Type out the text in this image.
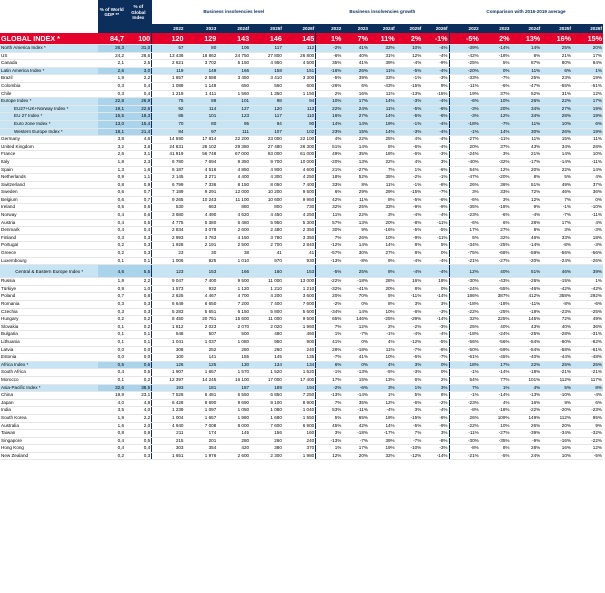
	% of World GDP **	% of Global Index	Business insolvencies level					Business insolvencies growth					Comparison with 2016-2019 average				
			2022	2023	2024f	2025f	2026f	2022	2023	2024f	2025f	2026f	2022	2023	2024f	2025f	2026f
GLOBAL INDEX *	84,7	100	120	129	143	146	145	1%	7%	11%	2%	-1%	-5%	2%	13%	16%	15%
North America Index *	26,3	31,0	57	80	106	117	112	-2%	41%	32%	10%	-4%	-39%	-14%	14%	25%	20%
US	24,2	28,6	13 436	18 862	24 750	27 800	26 800	-6%	40%	31%	12%	-4%	-42%	-18%	8%	21%	17%
Canada	2,1	2,5	2 621	3 702	5 150	4 950	4 500	35%	41%	39%	-4%	-9%	-25%	5%	87%	80%	64%
Latin America Index *	2,6	3,0	119	149	166	158	151	-16%	26%	11%	-5%	-4%	-20%	0%	11%	6%	1%
Brazil	1,9	2,2	1 857	2 588	3 450	3 410	3 300	-5%	39%	33%	-1%	-3%	-33%	-7%	25%	23%	19%
Colombia	0,3	0,4	1 088	1 148	650	550	600	-26%	6%	-43%	-15%	9%	-11%	-6%	-47%	-55%	-51%
Chile	0,3	0,4	1 219	1 411	1 560	1 350	1 150	2%	16%	11%	-13%	-15%	19%	37%	52%	31%	12%
Europe Index *	22,8	26,9	75	88	101	98	94	10%	17%	14%	-3%	-4%	-6%	10%	26%	22%	17%
EU27+UK+Norway Index *	19,1	22,6	92	114	127	120	113	22%	24%	11%	-5%	-6%	-3%	20%	34%	27%	19%
EU 27 Index *	15,5	18,3	85	101	123	117	110	16%	27%	14%	-5%	-6%	-3%	12%	34%	28%	19%
Euro zone Index *	13,0	15,4	70	80	95	94	90	14%	14%	19%	-1%	-4%	-18%	-7%	11%	10%	6%
Western Europe Index *	18,1	21,4	84	97	111	107	102	23%	15%	14%	-3%	-4%	-1%	14%	30%	26%	19%
Germany	3,8	4,6	14 590	17 814	22 200	23 000	22 100	4%	22%	25%	4%	-4%	-27%	-11%	11%	15%	11%
United Kingdom	3,2	3,6	24 631	28 102	29 380	27 480	26 300	51%	14%	5%	-6%	-4%	20%	37%	43%	34%	28%
France	2,6	3,1	41 919	56 748	67 000	63 000	61 000	49%	35%	18%	-6%	-3%	-24%	3%	21%	14%	10%
Italy	1,8	2,3	6 780	7 694	9 350	9 700	10 000	-20%	13%	22%	4%	3%	-40%	-32%	-17%	-14%	-11%
Spain	1,3	1,6	6 187	4 516	4 850	4 900	4 600	21%	-27%	7%	1%	-6%	54%	12%	20%	22%	14%
Netherlands	0,9	1,1	2 145	3 271	4 400	4 300	4 250	18%	52%	35%	-2%	-1%	-47%	-20%	8%	5%	4%
Switzerland	0,8	0,9	6 799	7 336	8 150	8 050	7 400	33%	8%	11%	-1%	-8%	26%	36%	51%	49%	37%
Sweden	0,6	0,7	7 189	9 291	12 000	10 200	9 500	6%	29%	29%	-15%	-7%	3%	33%	72%	46%	36%
Belgium	0,6	0,7	9 265	10 243	11 100	10 600	9 950	42%	11%	8%	-5%	-6%	-6%	3%	12%	7%	0%
Ireland	0,5	0,6	530	663	880	800	730	32%	25%	33%	-9%	-9%	-35%	-18%	9%	-1%	-10%
Norway	0,4	0,6	3 680	4 490	4 620	4 450	4 250	11%	22%	3%	-4%	-4%	-23%	-6%	-4%	-7%	-11%
Austria	0,4	0,5	4 775	5 380	6 480	5 950	5 300	57%	13%	20%	-8%	-11%	-6%	6%	28%	17%	4%
Denmark	0,4	0,4	2 834	3 078	2 600	2 480	2 350	30%	9%	-16%	-5%	-5%	17%	27%	8%	3%	-3%
Finland	0,3	0,3	2 993	3 763	4 150	3 780	3 350	7%	26%	10%	-9%	-11%	5%	32%	46%	33%	18%
Portugal	0,2	0,3	1 928	2 191	2 500	2 700	2 840	-12%	14%	14%	8%	5%	-34%	-25%	-14%	-8%	-3%
Greece	0,2	0,3	23	30	38	41	41	-57%	30%	27%	8%	0%	-75%	-68%	-59%	-56%	-56%
Luxembourg	0,1	0,1	1 006	925	1 010	970	930	-13%	-8%	9%	-4%	-4%	-21%	-27%	-20%	-24%	-26%
Central & Eastern Europe Index *	4,6	5,5	123	153	166	160	153	-5%	25%	8%	-4%	-4%	12%	40%	51%	46%	39%
Russia	1,9	2,2	9 047	7 400	9 500	11 000	13 000	-22%	-18%	28%	16%	18%	-30%	-43%	-26%	-15%	1%
Türkiye	0,9	1,0	1 573	932	1 120	1 210	1 210	-32%	-41%	20%	8%	0%	-24%	-55%	-46%	-42%	-42%
Poland	0,7	0,8	2 625	4 467	4 700	4 200	3 600	20%	70%	5%	-11%	-14%	186%	387%	412%	358%	292%
Romania	0,3	0,3	6 649	6 650	7 200	7 400	7 600	-2%	0%	8%	3%	3%	-18%	-18%	-11%	-8%	-6%
Czechia	0,3	0,3	5 283	5 651	6 150	5 800	5 600	-34%	14%	10%	-6%	-3%	-22%	-25%	-18%	-23%	-25%
Hungary	0,2	0,2	8 450	20 751	15 600	11 000	9 500	65%	146%	-25%	-29%	-14%	32%	225%	145%	72%	49%
Slovakia	0,1	0,2	1 812	2 023	2 070	2 020	1 960	7%	12%	2%	-2%	-3%	25%	40%	43%	40%	36%
Bulgaria	0,1	0,1	548	507	500	480	460	1%	-7%	-1%	-4%	-4%	-18%	-24%	-25%	-28%	-31%
Lithuania	0,1	0,1	1 041	1 037	1 080	950	900	41%	0%	4%	-12%	-5%	-56%	-56%	-54%	-60%	-62%
Latvia	0,0	0,0	308	252	280	260	240	28%	-18%	11%	-7%	-8%	-50%	-59%	-54%	-58%	-61%
Estonia	0,0	0,0	100	141	155	145	135	-7%	41%	10%	-6%	-7%	-61%	-45%	-40%	-44%	-48%
Africa Index *	0,5	0,6	126	125	130	134	134	6%	0%	4%	3%	0%	18%	17%	22%	25%	25%
South Africa	0,4	0,5	1 907	1 657	1 570	1 520	1 520	-1%	-13%	-5%	-3%	0%	-1%	-14%	-18%	-21%	-21%
Morocco	0,1	0,2	12 397	14 245	16 100	17 000	17 400	17%	15%	13%	6%	2%	54%	77%	101%	112%	117%
Asia-Pacific Index *	32,6	38,5	193	181	187	189	194	-2%	-6%	3%	1%	3%	7%	1%	4%	5%	8%
China	19,9	23,1	7 528	6 481	6 550	6 850	7 250	-13%	-14%	1%	5%	6%	-1%	-14%	-13%	-10%	-4%
Japan	4,0	4,9	6 428	8 690	9 690	9 100	8 900	7%	35%	12%	-6%	-2%	-23%	4%	16%	9%	6%
India	3,5	4,0	1 239	1 097	1 050	1 080	1 040	53%	-11%	-4%	3%	-4%	-8%	-18%	-22%	-20%	-23%
South Korea	1,9	2,2	1 004	1 657	1 980	1 680	1 550	5%	65%	19%	-15%	-8%	26%	109%	149%	112%	95%
Australia	1,6	2,0	4 940	7 008	8 000	7 600	6 900	45%	42%	14%	-5%	-9%	-22%	10%	26%	20%	9%
Taiwan	0,8	0,9	211	174	145	156	160	3%	-18%	-17%	7%	3%	-11%	-27%	-39%	-34%	-32%
Singapore	0,4	0,5	215	201	280	260	240	-13%	-7%	39%	-7%	-8%	-30%	-35%	-9%	-16%	-22%
Hong Kong	0,4	0,4	303	354	420	380	370	1%	17%	19%	-10%	-3%	-8%	8%	28%	16%	12%
New Zealand	0,2	0,3	1 651	1 976	2 600	2 300	1 980	12%	20%	32%	-12%	-14%	-21%	-5%	24%	10%	-5%
